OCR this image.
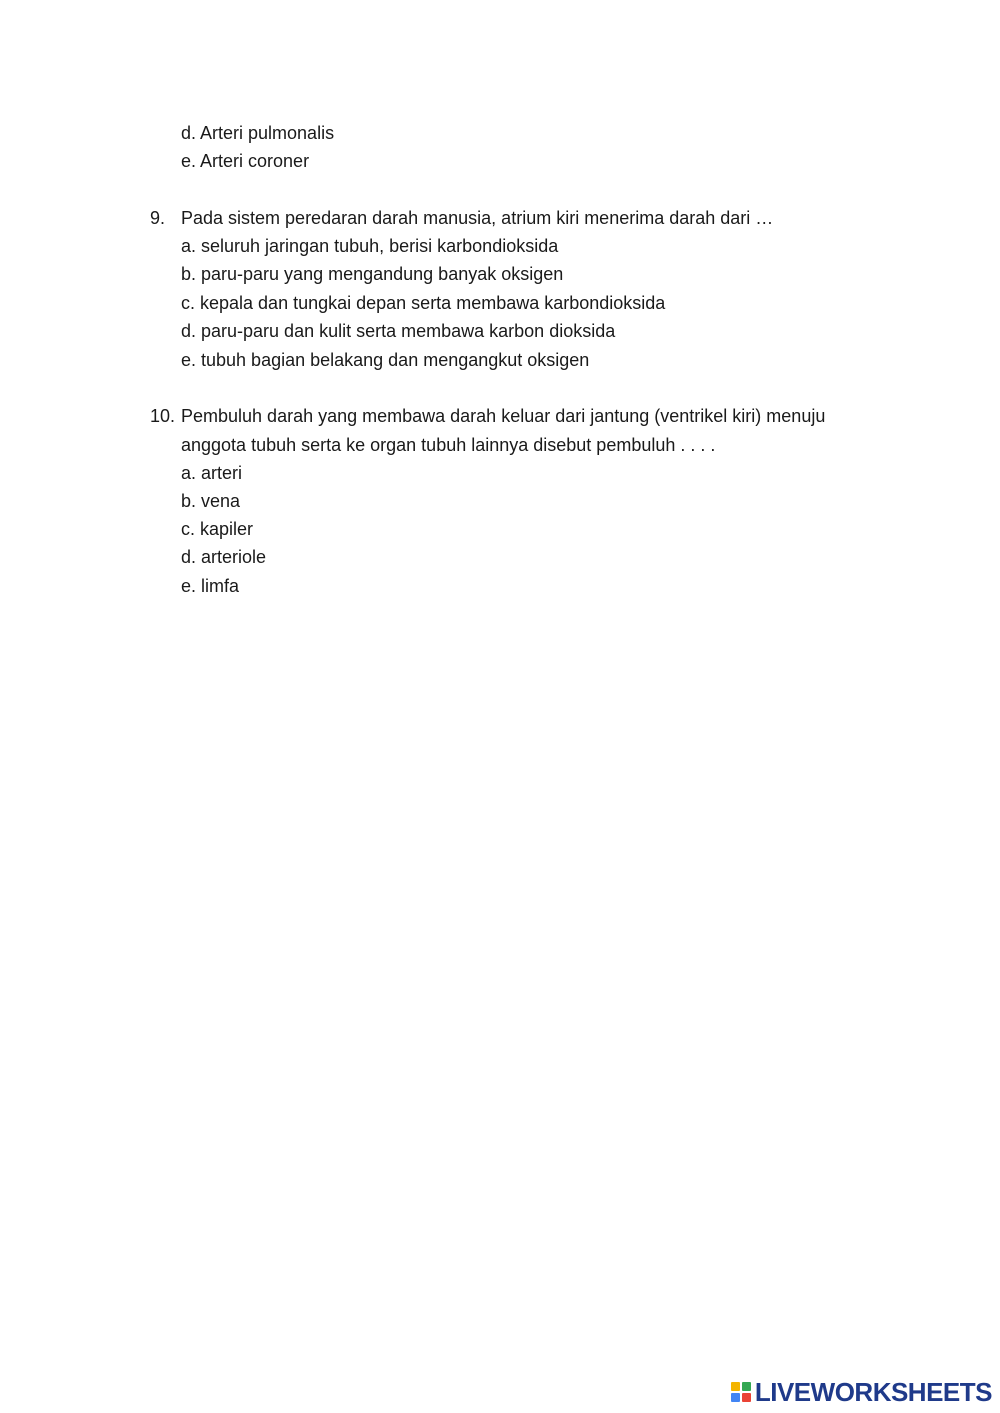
d. Arteri pulmonalis
e. Arteri coroner
9. Pada sistem peredaran darah manusia, atrium kiri menerima darah dari …
a. seluruh jaringan tubuh, berisi karbondioksida
b. paru-paru yang mengandung banyak oksigen
c. kepala dan tungkai depan serta membawa karbondioksida
d. paru-paru dan kulit serta membawa karbon dioksida
e. tubuh bagian belakang dan mengangkut oksigen
10. Pembuluh darah yang membawa darah keluar dari jantung (ventrikel kiri) menuju
anggota tubuh serta ke organ tubuh lainnya disebut pembuluh . . . .
a. arteri
b. vena
c. kapiler
d. arteriole
e. limfa
LIVEWORKSHEETS
